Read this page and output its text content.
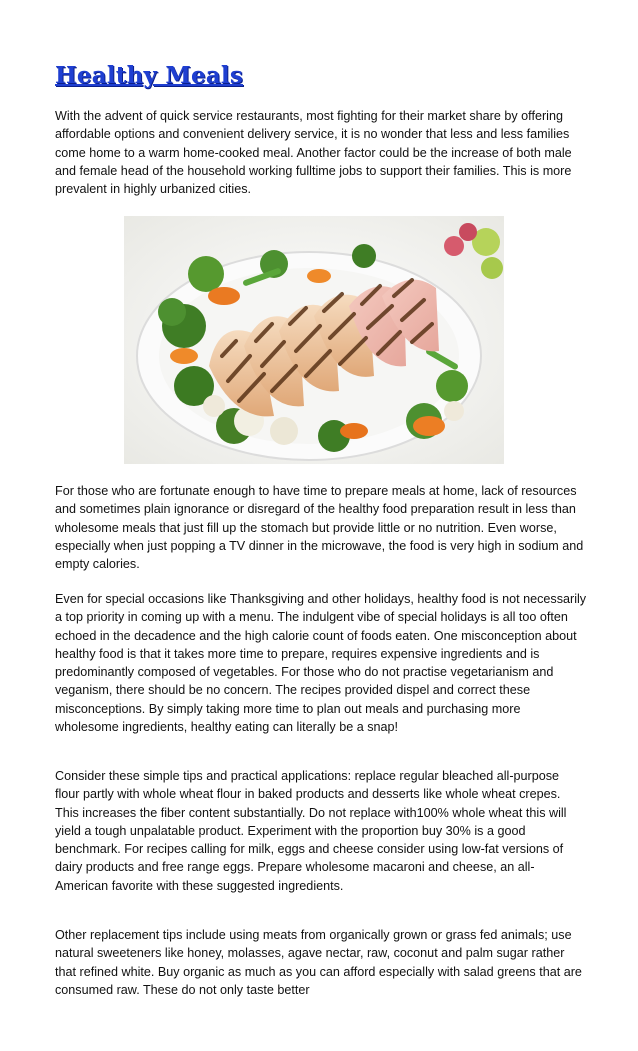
Healthy Meals

With the advent of quick service restaurants, most fighting for their market share by offering affordable options and convenient delivery service, it is no wonder that less and less families come home to a warm home-cooked meal. Another factor could be the increase of both male and female head of the household working fulltime jobs to support their families. This is more prevalent in highly urbanized cities.

For those who are fortunate enough to have time to prepare meals at home, lack of resources and sometimes plain ignorance or disregard of the healthy food preparation result in less than wholesome meals that just fill up the stomach but provide little or no nutrition. Even worse, especially when just popping a TV dinner in the microwave, the food is very high in sodium and empty calories.

Even for special occasions like Thanksgiving and other holidays, healthy food is not necessarily a top priority in coming up with a menu. The indulgent vibe of special holidays is all too often echoed in the decadence and the high calorie count of foods eaten. One misconception about healthy food is that it takes more time to prepare, requires expensive ingredients and is predominantly composed of vegetables. For those who do not practise vegetarianism and veganism, there should be no concern. The recipes provided dispel and correct these misconceptions. By simply taking more time to plan out meals and purchasing more wholesome ingredients, healthy eating can literally be a snap!

Consider these simple tips and practical applications: replace regular bleached all-purpose flour partly with whole wheat flour in baked products and desserts like whole wheat crepes. This increases the fiber content substantially. Do not replace with100% whole wheat this will yield a tough unpalatable product. Experiment with the proportion buy 30% is a good benchmark. For recipes calling for milk, eggs and cheese consider using low-fat versions of dairy products and free range eggs. Prepare wholesome macaroni and cheese, an all-American favorite with these suggested ingredients.

Other replacement tips include using meats from organically grown or grass fed animals; use natural sweeteners like honey, molasses, agave nectar, raw, coconut and palm sugar rather that refined white. Buy organic as much as you can afford especially with salad greens that are consumed raw. These do not only taste better
